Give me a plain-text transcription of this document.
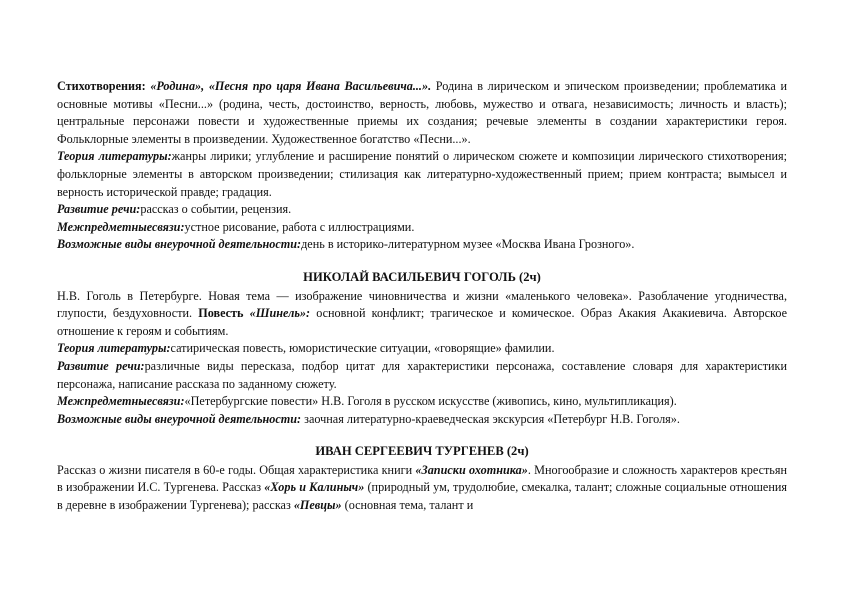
Стихотворения: «Родина», «Песня про царя Ивана Васильевича...». Родина в лирическом и эпическом произведении; проблематика и основные мотивы «Песни...» (родина, честь, достоинство, верность, любовь, мужество и отвага, независимость; личность и власть); центральные персонажи повести и художественные приемы их создания; речевые элементы в создании характеристики героя. Фольклорные элементы в произведении. Художественное богатство «Песни...».

Теория литературы:жанры лирики; углубление и расширение понятий о лирическом сюжете и композиции лирического стихотворения; фольклорные элементы в авторском произведении; стилизация как литературно-художественный прием; прием контраста; вымысел и верность исторической правде; градация.

Развитие речи:рассказ о событии, рецензия.

Межпредметныесвязи:устное рисование, работа с иллюстрациями.

Возможные виды внеурочной деятельности:день в историко-литературном музее «Москва Ивана Грозного».

НИКОЛАЙ ВАСИЛЬЕВИЧ ГОГОЛЬ (2ч)

Н.В. Гоголь в Петербурге. Новая тема — изображение чиновничества и жизни «маленького человека». Разоблачение угодничества, глупости, бездуховности. Повесть «Шинель»: основной конфликт; трагическое и комическое. Образ Акакия Акакиевича. Авторское отношение к героям и событиям.

Теория литературы:сатирическая повесть, юмористические ситуации, «говорящие» фамилии.

Развитие речи:различные виды пересказа, подбор цитат для характеристики персонажа, составление словаря для характеристики персонажа, написание рассказа по заданному сюжету.

Межпредметныесвязи:«Петербургские повести» Н.В. Гоголя в русском искусстве (живопись, кино, мультипликация).

Возможные виды внеурочной деятельности: заочная литературно-краеведческая экскурсия «Петербург Н.В. Гоголя».

ИВАН СЕРГЕЕВИЧ ТУРГЕНЕВ (2ч)

Рассказ о жизни писателя в 60-е годы. Общая характеристика книги «Записки охотника». Многообразие и сложность характеров крестьян в изображении И.С. Тургенева. Рассказ «Хорь и Калиныч» (природный ум, трудолюбие, смекалка, талант; сложные социальные отношения в деревне в изображении Тургенева); рассказ «Певцы» (основная тема, талант и
